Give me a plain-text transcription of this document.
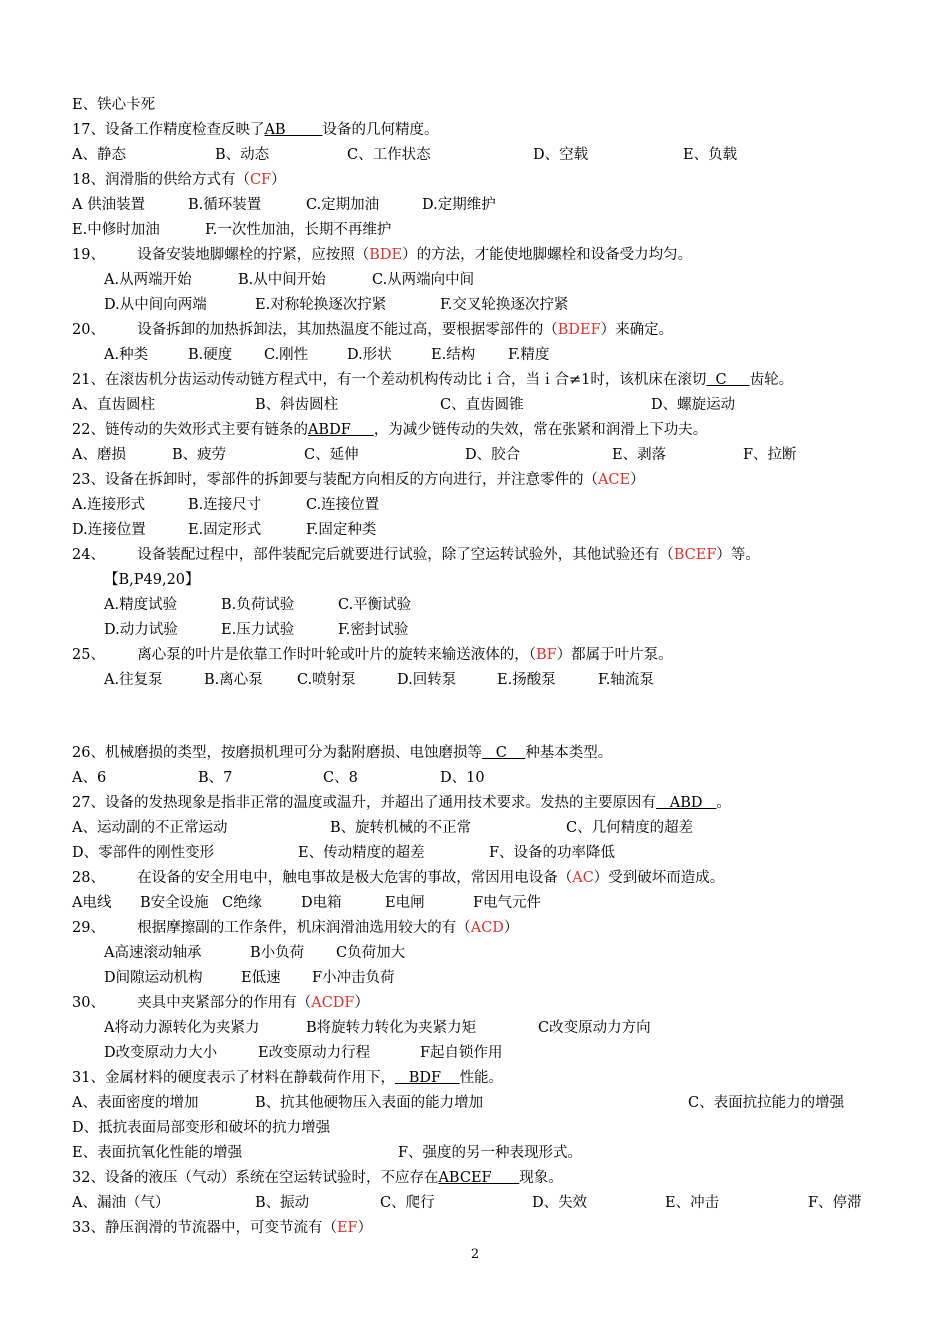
E、铁心卡死
17、设备工作精度检查反映了AB        设备的几何精度。
A、静态	B、动态	C、工作状态	D、空载	E、负载
18、润滑脂的供给方式有（CF）
A 供油装置	B.循环装置	C.定期加油	D.定期维护
E.中修时加油	F.一次性加油，长期不再维护
19、       设备安装地脚螺栓的拧紧，应按照（BDE）的方法，才能使地脚螺栓和设备受力均匀。
A.从两端开始	B.从中间开始	C.从两端向中间
D.从中间向两端	E.对称轮换逐次拧紧	F.交叉轮换逐次拧紧
20、       设备拆卸的加热拆卸法，其加热温度不能过高，要根据零部件的（BDEF）来确定。
A.种类	B.硬度 C.刚性	D.形状	E.结构 F.精度
21、在滚齿机分齿运动传动链方程式中，有一个差动机构传动比ｉ合，当ｉ合≠1时，该机床在滚切  C     齿轮。
A、直齿圆柱	B、斜齿圆柱	C、直齿圆锥	D、螺旋运动
22、链传动的失效形式主要有链条的ABDF     ，为减少链传动的失效，常在张紧和润滑上下功夫。
A、磨损	B、疲劳	C、延伸	D、胶合	E、剥落	F、拉断
23、设备在拆卸时，零部件的拆卸要与装配方向相反的方向进行，并注意零件的（ACE）
A.连接形式	B.连接尺寸	C.连接位置
D.连接位置	E.固定形式	F.固定种类
24、       设备装配过程中，部件装配完后就要进行试验，除了空运转试验外，其他试验还有（BCEF）等。
【B,P49,20】
A.精度试验	B.负荷试验	C.平衡试验
D.动力试验	E.压力试验	F.密封试验
25、       离心泵的叶片是依靠工作时叶轮或叶片的旋转来输送液体的，（BF）都属于叶片泵。
A.往复泵	B.离心泵 C.喷射泵	D.回转泵	E.扬酸泵	F.轴流泵
26、机械磨损的类型，按磨损机理可分为黏附磨损、电蚀磨损等   C    种基本类型。
A、6	B、7	C、8	D、10
27、设备的发热现象是指非正常的温度或温升，并超出了通用技术要求。发热的主要原因有   ABD   。
A、运动副的不正常运动	B、旋转机械的不正常	C、几何精度的超差
D、零部件的刚性变形	E、传动精度的超差	F、设备的功率降低
28、       在设备的安全用电中，触电事故是极大危害的事故，常因用电设备（AC）受到破坏而造成。
A电线 B安全设施 C绝缘	D电箱	E电闸	F电气元件
29、       根据摩擦副的工作条件，机床润滑油选用较大的有（ACD）
A高速滚动轴承	B小负荷 C负荷加大
D间隙运动机构	E低速 F小冲击负荷
30、       夹具中夹紧部分的作用有（ACDF）
A将动力源转化为夹紧力	B将旋转力转化为夹紧力矩	C改变原动力方向
D改变原动力大小	E改变原动力行程	F起自锁作用
31、金属材料的硬度表示了材料在静载荷作用下，   BDF    性能。
A、表面密度的增加	B、抗其他硬物压入表面的能力增加	C、表面抗拉能力的增强
D、抵抗表面局部变形和破坏的抗力增强
E、表面抗氧化性能的增强	F、强度的另一种表现形式。
32、设备的液压（气动）系统在空运转试验时，不应存在ABCEF      现象。
A、漏油（气）	B、振动	C、爬行	D、失效	E、冲击	F、停滞
33、静压润滑的节流器中，可变节流有（EF）
2
